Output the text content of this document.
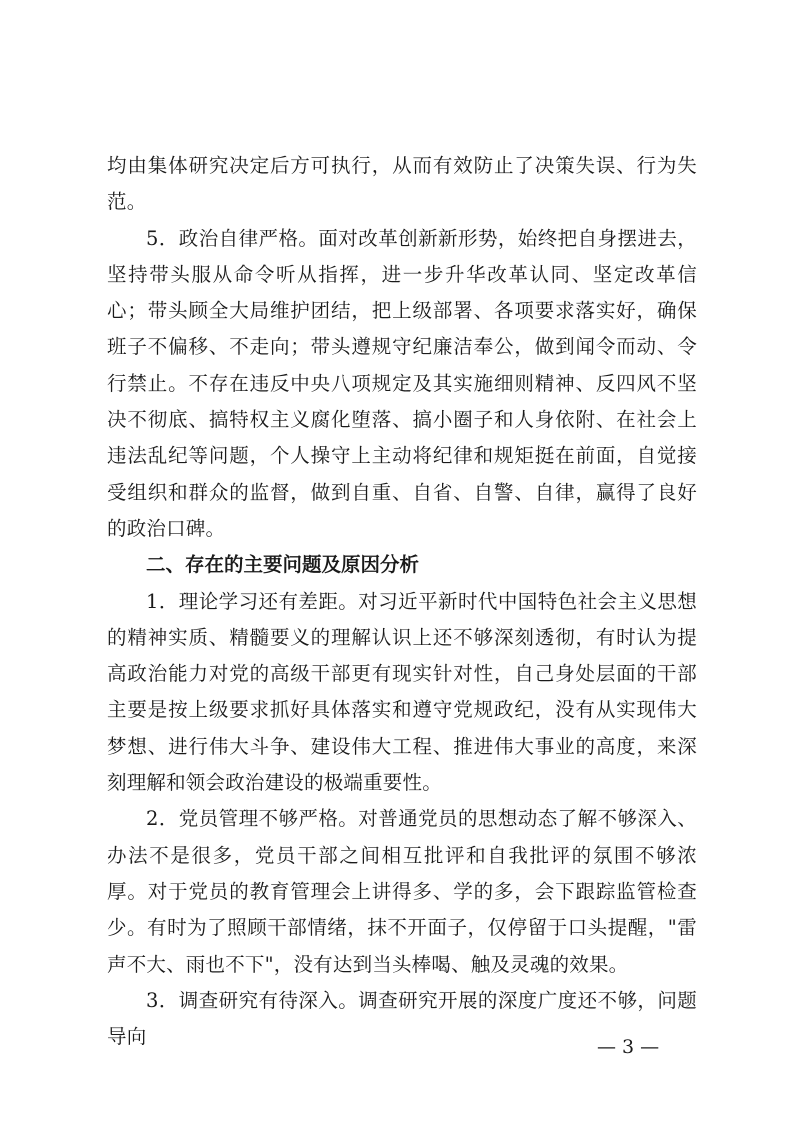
均由集体研究决定后方可执行，从而有效防止了决策失误、行为失范。

5．政治自律严格。面对改革创新新形势，始终把自身摆进去，坚持带头服从命令听从指挥，进一步升华改革认同、坚定改革信心；带头顾全大局维护团结，把上级部署、各项要求落实好，确保班子不偏移、不走向；带头遵规守纪廉洁奉公，做到闻令而动、令行禁止。不存在违反中央八项规定及其实施细则精神、反四风不坚决不彻底、搞特权主义腐化堕落、搞小圈子和人身依附、在社会上违法乱纪等问题，个人操守上主动将纪律和规矩挺在前面，自觉接受组织和群众的监督，做到自重、自省、自警、自律，赢得了良好的政治口碑。

二、存在的主要问题及原因分析

1．理论学习还有差距。对习近平新时代中国特色社会主义思想的精神实质、精髓要义的理解认识上还不够深刻透彻，有时认为提高政治能力对党的高级干部更有现实针对性，自己身处层面的干部主要是按上级要求抓好具体落实和遵守党规政纪，没有从实现伟大梦想、进行伟大斗争、建设伟大工程、推进伟大事业的高度，来深刻理解和领会政治建设的极端重要性。

2．党员管理不够严格。对普通党员的思想动态了解不够深入、办法不是很多，党员干部之间相互批评和自我批评的氛围不够浓厚。对于党员的教育管理会上讲得多、学的多，会下跟踪监管检查少。有时为了照顾干部情绪，抹不开面子，仅停留于口头提醒，"雷声不大、雨也不下"，没有达到当头棒喝、触及灵魂的效果。

3．调查研究有待深入。调查研究开展的深度广度还不够，问题导向	— 3 —
